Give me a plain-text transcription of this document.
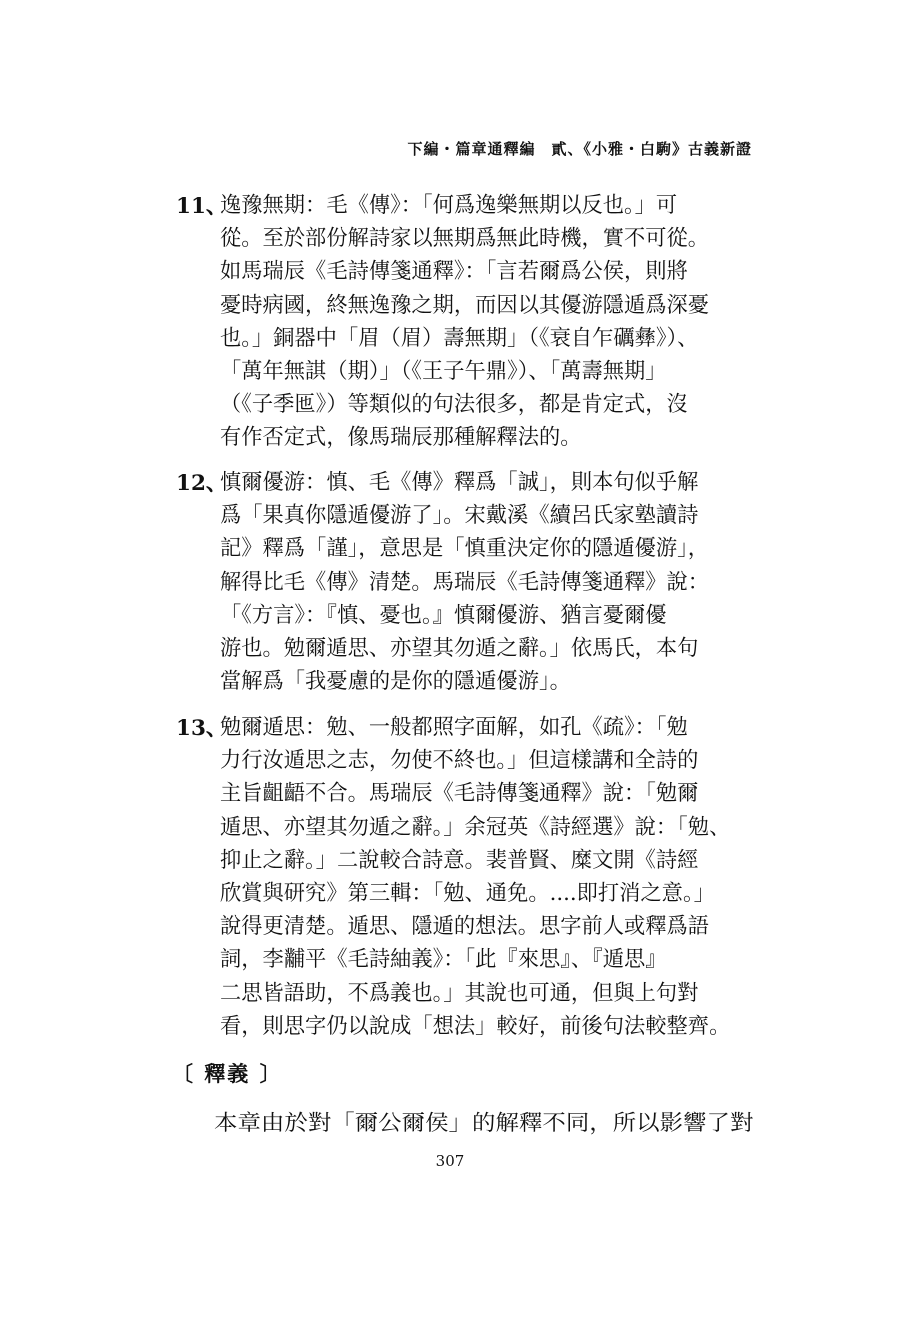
下編・篇章通釋編　貳、《小雅・白駒》古義新證
11、
逸豫無期：毛《傳》：「何爲逸樂無期以反也。」可
從。至於部份解詩家以無期爲無此時機，實不可從。
如馬瑞辰《毛詩傳箋通釋》：「言若爾爲公侯，則將
憂時病國，終無逸豫之期，而因以其優游隱遁爲深憂
也。」銅器中「眉（眉）壽無期」（《衰自乍礪彝》）、
「萬年無諆（期）」（《王子午鼎》）、「萬壽無期」
（《子季匜》）等類似的句法很多，都是肯定式，沒
有作否定式，像馬瑞辰那種解釋法的。
12、
慎爾優游：慎、毛《傳》釋爲「誠」，則本句似乎解
爲「果真你隱遁優游了」。宋戴溪《續呂氏家塾讀詩
記》釋爲「謹」，意思是「慎重決定你的隱遁優游」，
解得比毛《傳》清楚。馬瑞辰《毛詩傳箋通釋》說：
「《方言》：『慎、憂也。』慎爾優游、猶言憂爾優
游也。勉爾遁思、亦望其勿遁之辭。」依馬氏，本句
當解爲「我憂慮的是你的隱遁優游」。
13、
勉爾遁思：勉、一般都照字面解，如孔《疏》：「勉
力行汝遁思之志，勿使不終也。」但這樣講和全詩的
主旨齟齬不合。馬瑞辰《毛詩傳箋通釋》說：「勉爾
遁思、亦望其勿遁之辭。」余冠英《詩經選》說：「勉、
抑止之辭。」二說較合詩意。裴普賢、糜文開《詩經
欣賞與研究》第三輯：「勉、通免。....即打消之意。」
說得更清楚。遁思、隱遁的想法。思字前人或釋爲語
詞，李黼平《毛詩紬義》：「此『來思』、『遁思』
二思皆語助，不爲義也。」其說也可通，但與上句對
看，則思字仍以說成「想法」較好，前後句法較整齊。
〔 釋義 〕
本章由於對「爾公爾侯」的解釋不同，所以影響了對
307
